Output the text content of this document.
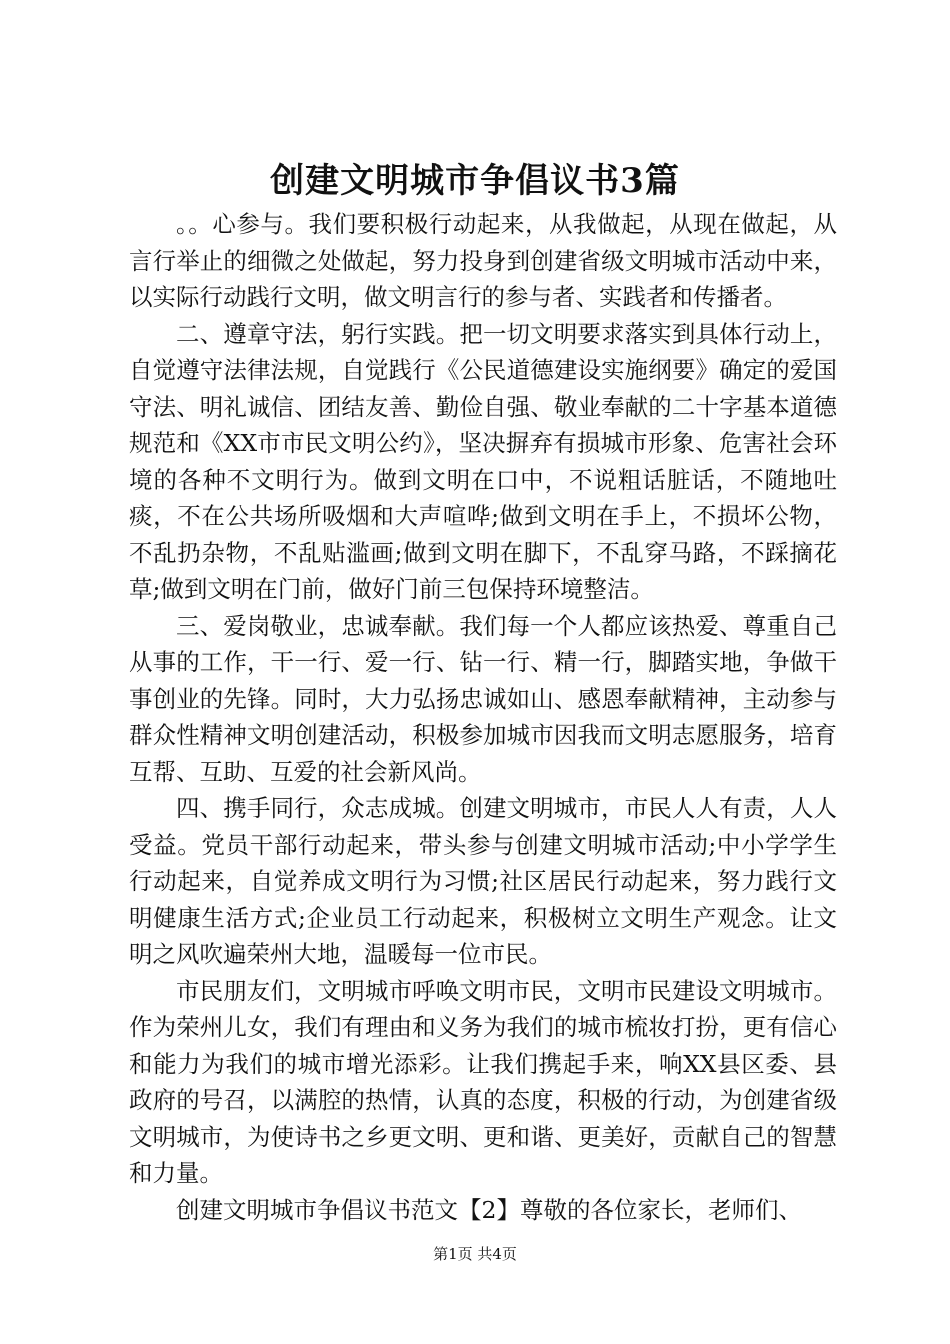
创建文明城市争倡议书3篇

。。心参与。我们要积极行动起来，从我做起，从现在做起，从言行举止的细微之处做起，努力投身到创建省级文明城市活动中来，以实际行动践行文明，做文明言行的参与者、实践者和传播者。

二、遵章守法，躬行实践。把一切文明要求落实到具体行动上，自觉遵守法律法规，自觉践行《公民道德建设实施纲要》确定的爱国守法、明礼诚信、团结友善、勤俭自强、敬业奉献的二十字基本道德规范和《XX市市民文明公约》，坚决摒弃有损城市形象、危害社会环境的各种不文明行为。做到文明在口中，不说粗话脏话，不随地吐痰，不在公共场所吸烟和大声喧哗;做到文明在手上，不损坏公物，不乱扔杂物，不乱贴滥画;做到文明在脚下，不乱穿马路，不踩摘花草;做到文明在门前，做好门前三包保持环境整洁。

三、爱岗敬业，忠诚奉献。我们每一个人都应该热爱、尊重自己从事的工作，干一行、爱一行、钻一行、精一行，脚踏实地，争做干事创业的先锋。同时，大力弘扬忠诚如山、感恩奉献精神，主动参与群众性精神文明创建活动，积极参加城市因我而文明志愿服务，培育互帮、互助、互爱的社会新风尚。

四、携手同行，众志成城。创建文明城市，市民人人有责，人人受益。党员干部行动起来，带头参与创建文明城市活动;中小学学生行动起来，自觉养成文明行为习惯;社区居民行动起来，努力践行文明健康生活方式;企业员工行动起来，积极树立文明生产观念。让文明之风吹遍荣州大地，温暖每一位市民。

市民朋友们，文明城市呼唤文明市民，文明市民建设文明城市。作为荣州儿女，我们有理由和义务为我们的城市梳妆打扮，更有信心和能力为我们的城市增光添彩。让我们携起手来，响XX县区委、县政府的号召，以满腔的热情，认真的态度，积极的行动，为创建省级文明城市，为使诗书之乡更文明、更和谐、更美好，贡献自己的智慧和力量。

创建文明城市争倡议书范文【2】尊敬的各位家长，老师们、

第1页 共4页
